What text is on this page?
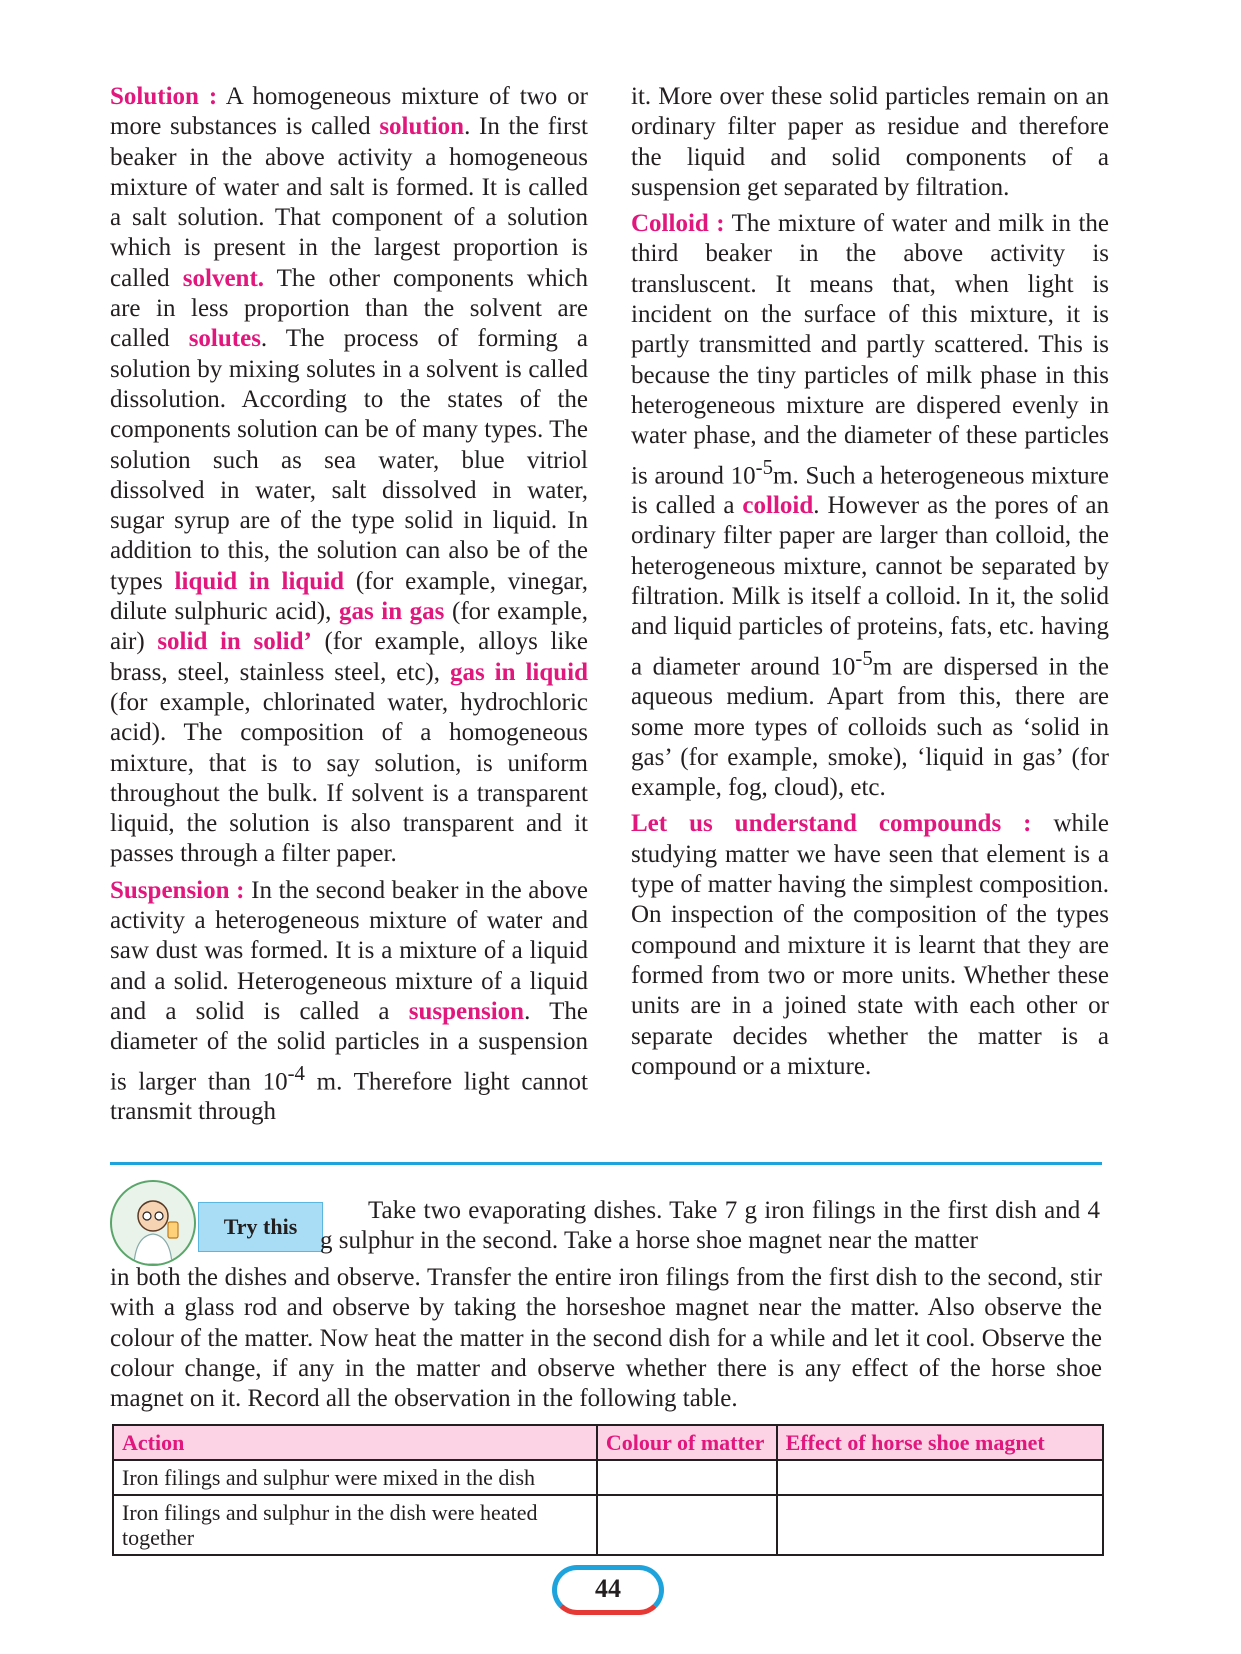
Solution : A homogeneous mixture of two or more substances is called solution. In the first beaker in the above activity a homogeneous mixture of water and salt is formed. It is called a salt solution. That component of a solution which is present in the largest proportion is called solvent. The other components which are in less proportion than the solvent are called solutes. The process of forming a solution by mixing solutes in a solvent is called dissolution. According to the states of the components solution can be of many types. The solution such as sea water, blue vitriol dissolved in water, salt dissolved in water, sugar syrup are of the type solid in liquid. In addition to this, the solution can also be of the types liquid in liquid (for example, vinegar, dilute sulphuric acid), gas in gas (for example, air) solid in solid’ (for example, alloys like brass, steel, stainless steel, etc), gas in liquid (for example, chlorinated water, hydrochloric acid). The composition of a homogeneous mixture, that is to say solution, is uniform throughout the bulk. If solvent is a transparent liquid, the solution is also transparent and it passes through a filter paper.

Suspension : In the second beaker in the above activity a heterogeneous mixture of water and saw dust was formed. It is a mixture of a liquid and a solid. Heterogeneous mixture of a liquid and a solid is called a suspension. The diameter of the solid particles in a suspension is larger than $10^{-4}$ m. Therefore light cannot transmit through

it. More over these solid particles remain on an ordinary filter paper as residue and therefore the liquid and solid components of a suspension get separated by filtration.

Colloid : The mixture of water and milk in the third beaker in the above activity is transluscent. It means that, when light is incident on the surface of this mixture, it is partly transmitted and partly scattered. This is because the tiny particles of milk phase in this heterogeneous mixture are dispered evenly in water phase, and the diameter of these particles is around $10^{-5}m$. Such a heterogeneous mixture is called a colloid. However as the pores of an ordinary filter paper are larger than colloid, the heterogeneous mixture, cannot be separated by filtration. Milk is itself a colloid. In it, the solid and liquid particles of proteins, fats, etc. having a diameter around $10^{-5}m$ are dispersed in the aqueous medium. Apart from this, there are some more types of colloids such as ‘solid in gas’ (for example, smoke), ‘liquid in gas’ (for example, fog, cloud), etc.

Let us understand compounds : while studying matter we have seen that element is a type of matter having the simplest composition. On inspection of the composition of the types compound and mixture it is learnt that they are formed from two or more units. Whether these units are in a joined state with each other or separate decides whether the matter is a compound or a mixture.

Try this
Take two evaporating dishes. Take 7 g iron filings in the first dish and 4 g sulphur in the second. Take a horse shoe magnet near the matter
in both the dishes and observe. Transfer the entire iron filings from the first dish to the second, stir with a glass rod and observe by taking the horseshoe magnet near the matter. Also observe the colour of the matter. Now heat the matter in the second dish for a while and let it cool. Observe the colour change, if any in the matter and observe whether there is any effect of the horse shoe magnet on it. Record all the observation in the following table.
Action	Colour of matter	Effect of horse shoe magnet
Iron filings and sulphur were mixed in the dish		
Iron filings and sulphur in the dish were heated together		
44
